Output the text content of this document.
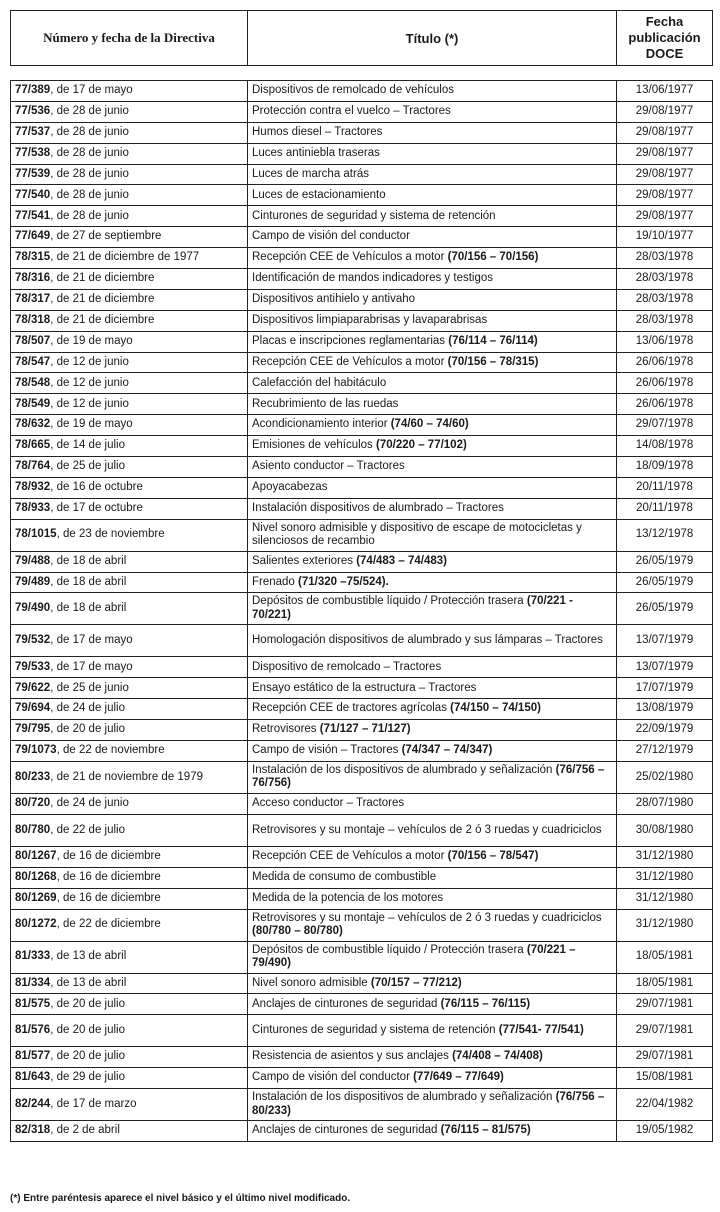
Número y fecha de la Directiva	Título (*)	Fecha
publicación
DOCE
77/389, de 17 de mayo	Dispositivos de remolcado de vehículos	13/06/1977
77/536, de 28 de junio	Protección contra el vuelco – Tractores	29/08/1977
77/537, de 28 de junio	Humos diesel – Tractores	29/08/1977
77/538, de 28 de junio	Luces antiniebla traseras	29/08/1977
77/539, de 28 de junio	Luces de marcha atrás	29/08/1977
77/540, de 28 de junio	Luces de estacionamiento	29/08/1977
77/541, de 28 de junio	Cinturones de seguridad y sistema de retención	29/08/1977
77/649, de 27 de septiembre	Campo de visión del conductor	19/10/1977
78/315, de 21 de diciembre de 1977	Recepción CEE de Vehículos a motor (70/156 – 70/156)	28/03/1978
78/316, de 21 de diciembre	Identificación de mandos indicadores y testigos	28/03/1978
78/317, de 21 de diciembre	Dispositivos antihielo y antivaho	28/03/1978
78/318, de 21 de diciembre	Dispositivos limpiaparabrisas y lavaparabrisas	28/03/1978
78/507, de 19 de mayo	Placas e inscripciones reglamentarias (76/114 – 76/114)	13/06/1978
78/547, de 12 de junio	Recepción CEE de Vehículos a motor (70/156 – 78/315)	26/06/1978
78/548, de 12 de junio	Calefacción del habitáculo	26/06/1978
78/549, de 12 de junio	Recubrimiento de las ruedas	26/06/1978
78/632, de 19 de mayo	Acondicionamiento interior (74/60 – 74/60)	29/07/1978
78/665, de 14 de julio	Emisiones de vehículos (70/220 – 77/102)	14/08/1978
78/764, de 25 de julio	Asiento conductor – Tractores	18/09/1978
78/932, de 16 de octubre	Apoyacabezas	20/11/1978
78/933, de 17 de octubre	Instalación dispositivos de alumbrado – Tractores	20/11/1978
78/1015, de 23 de noviembre	Nivel sonoro admisible y dispositivo de escape de motocicletas y silenciosos de recambio	13/12/1978
79/488, de 18 de abril	Salientes exteriores (74/483 – 74/483)	26/05/1979
79/489, de 18 de abril	Frenado (71/320 –75/524).	26/05/1979
79/490, de 18 de abril	Depósitos de combustible líquido / Protección trasera (70/221 - 70/221)	26/05/1979
79/532, de 17 de mayo	Homologación dispositivos de alumbrado y sus lámparas – Tractores	13/07/1979
79/533, de 17 de mayo	Dispositivo de remolcado – Tractores	13/07/1979
79/622, de 25 de junio	Ensayo estático de la estructura – Tractores	17/07/1979
79/694, de 24 de julio	Recepción CEE de tractores agrícolas (74/150 – 74/150)	13/08/1979
79/795, de 20 de julio	Retrovisores (71/127 – 71/127)	22/09/1979
79/1073, de 22 de noviembre	Campo de visión – Tractores (74/347 – 74/347)	27/12/1979
80/233, de 21 de noviembre de 1979	Instalación de los dispositivos de alumbrado y señalización (76/756 – 76/756)	25/02/1980
80/720, de 24 de junio	Acceso conductor – Tractores	28/07/1980
80/780, de 22 de julio	Retrovisores y su montaje – vehículos de 2 ó 3 ruedas y cuadriciclos	30/08/1980
80/1267, de 16 de diciembre	Recepción CEE de Vehículos a motor (70/156 – 78/547)	31/12/1980
80/1268, de 16 de diciembre	Medida de consumo de combustible	31/12/1980
80/1269, de 16 de diciembre	Medida de la potencia de los motores	31/12/1980
80/1272, de 22 de diciembre	Retrovisores y su montaje – vehículos de 2 ó 3 ruedas y cuadriciclos (80/780 – 80/780)	31/12/1980
81/333, de 13 de abril	Depósitos de combustible líquido / Protección trasera (70/221 – 79/490)	18/05/1981
81/334, de 13 de abril	Nivel sonoro admisible (70/157 – 77/212)	18/05/1981
81/575, de 20 de julio	Anclajes de cinturones de seguridad (76/115 – 76/115)	29/07/1981
81/576, de 20 de julio	Cinturones de seguridad y sistema de retención (77/541- 77/541)	29/07/1981
81/577, de 20 de julio	Resistencia de asientos y sus anclajes (74/408 – 74/408)	29/07/1981
81/643, de 29 de julio	Campo de visión del conductor (77/649 – 77/649)	15/08/1981
82/244, de 17 de marzo	Instalación de los dispositivos de alumbrado y señalización (76/756 – 80/233)	22/04/1982
82/318, de 2 de abril	Anclajes de cinturones de seguridad (76/115 – 81/575)	19/05/1982
(*) Entre paréntesis aparece el nivel básico y el último nivel modificado.
